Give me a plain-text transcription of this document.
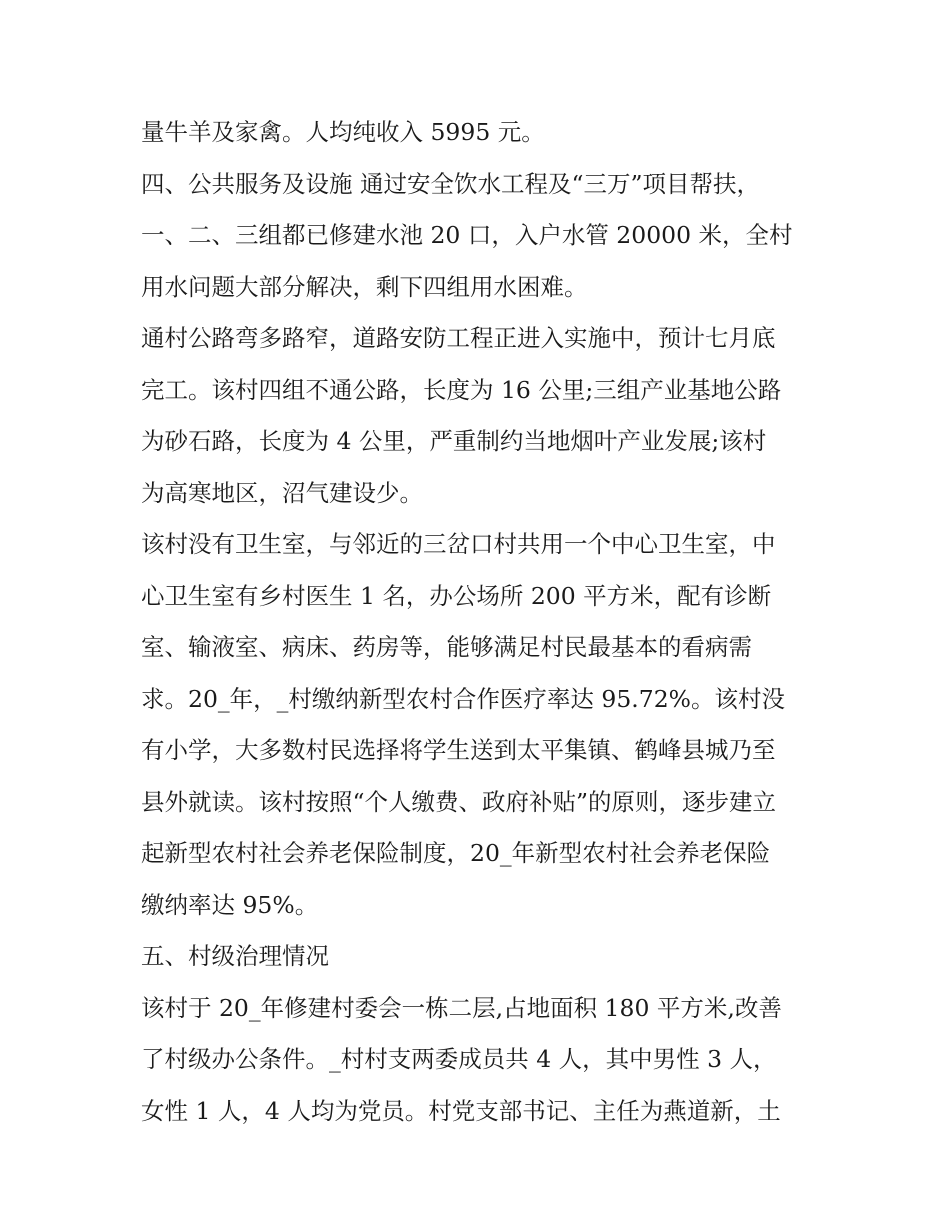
量牛羊及家禽。人均纯收入 5995 元。
四、公共服务及设施 通过安全饮水工程及“三万”项目帮扶，
一、二、三组都已修建水池 20 口，入户水管 20000 米，全村
用水问题大部分解决，剩下四组用水困难。
通村公路弯多路窄，道路安防工程正进入实施中，预计七月底
完工。该村四组不通公路，长度为 16 公里;三组产业基地公路
为砂石路，长度为 4 公里，严重制约当地烟叶产业发展;该村
为高寒地区，沼气建设少。
该村没有卫生室，与邻近的三岔口村共用一个中心卫生室，中
心卫生室有乡村医生 1 名，办公场所 200 平方米，配有诊断
室、输液室、病床、药房等，能够满足村民最基本的看病需
求。20_年，_村缴纳新型农村合作医疗率达 95.72%。该村没
有小学，大多数村民选择将学生送到太平集镇、鹤峰县城乃至
县外就读。该村按照“个人缴费、政府补贴”的原则，逐步建立
起新型农村社会养老保险制度，20_年新型农村社会养老保险
缴纳率达 95%。
五、村级治理情况
该村于 20_年修建村委会一栋二层,占地面积 180 平方米,改善
了村级办公条件。_村村支两委成员共 4 人，其中男性 3 人，
女性 1 人，4 人均为党员。村党支部书记、主任为燕道新，土
